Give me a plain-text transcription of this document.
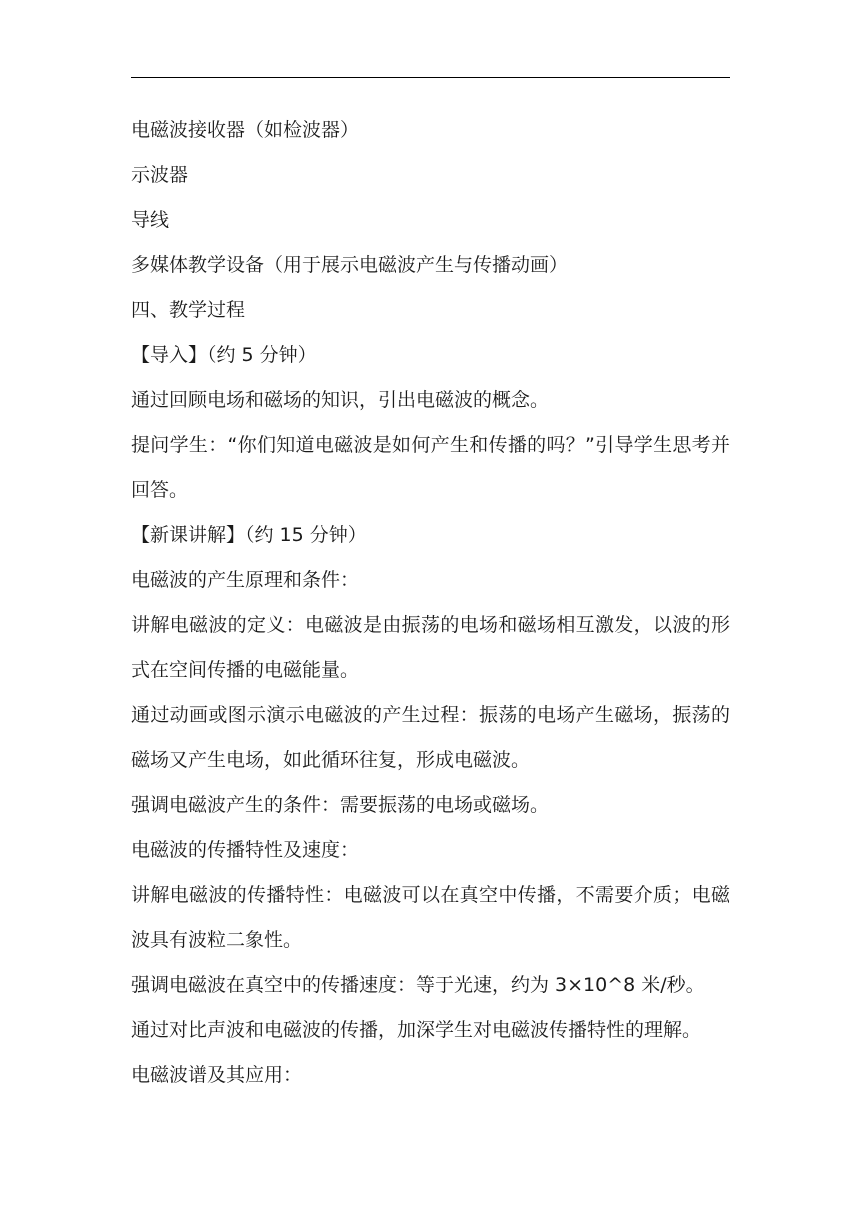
电磁波接收器（如检波器）

示波器

导线

多媒体教学设备（用于展示电磁波产生与传播动画）

四、教学过程

【导入】（约 5 分钟）

通过回顾电场和磁场的知识，引出电磁波的概念。

提问学生：“你们知道电磁波是如何产生和传播的吗？”引导学生思考并回答。

【新课讲解】（约 15 分钟）

电磁波的产生原理和条件：

讲解电磁波的定义：电磁波是由振荡的电场和磁场相互激发，以波的形式在空间传播的电磁能量。

通过动画或图示演示电磁波的产生过程：振荡的电场产生磁场，振荡的磁场又产生电场，如此循环往复，形成电磁波。

强调电磁波产生的条件：需要振荡的电场或磁场。

电磁波的传播特性及速度：

讲解电磁波的传播特性：电磁波可以在真空中传播，不需要介质；电磁波具有波粒二象性。

强调电磁波在真空中的传播速度：等于光速，约为 3×10^8 米/秒。

通过对比声波和电磁波的传播，加深学生对电磁波传播特性的理解。

电磁波谱及其应用：
